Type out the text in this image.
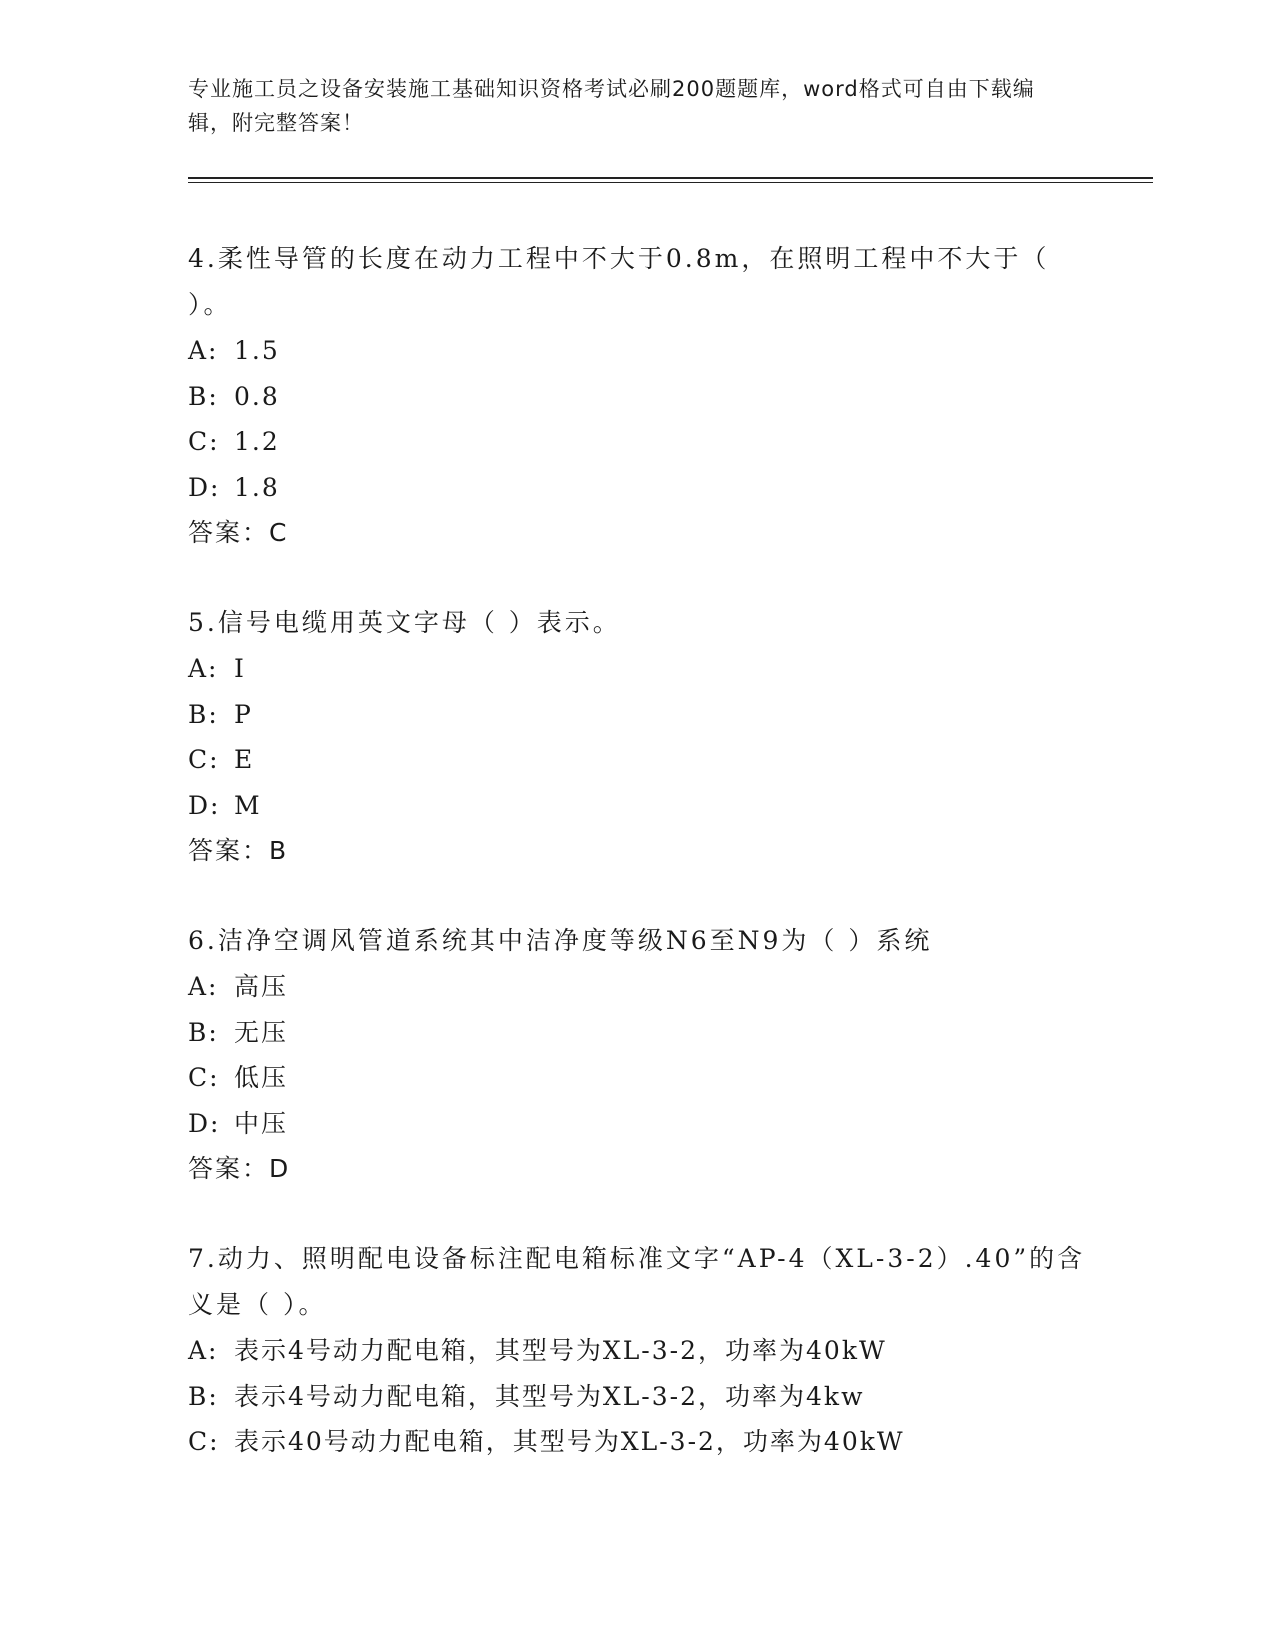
专业施工员之设备安装施工基础知识资格考试必刷200题题库，word格式可自由下载编辑，附完整答案！
4.柔性导管的长度在动力工程中不大于0.8m，在照明工程中不大于（ ）。
A: 1.5
B: 0.8
C: 1.2
D: 1.8
答案：C
5.信号电缆用英文字母（ ）表示。
A: I
B: P
C: E
D: M
答案：B
6.洁净空调风管道系统其中洁净度等级N6至N9为（ ）系统
A: 高压
B: 无压
C: 低压
D: 中压
答案：D
7.动力、照明配电设备标注配电箱标准文字“AP-4（XL-3-2）.40”的含义是（ ）。
A: 表示4号动力配电箱，其型号为XL-3-2，功率为40kW
B: 表示4号动力配电箱，其型号为XL-3-2，功率为4kw
C: 表示40号动力配电箱，其型号为XL-3-2，功率为40kW
